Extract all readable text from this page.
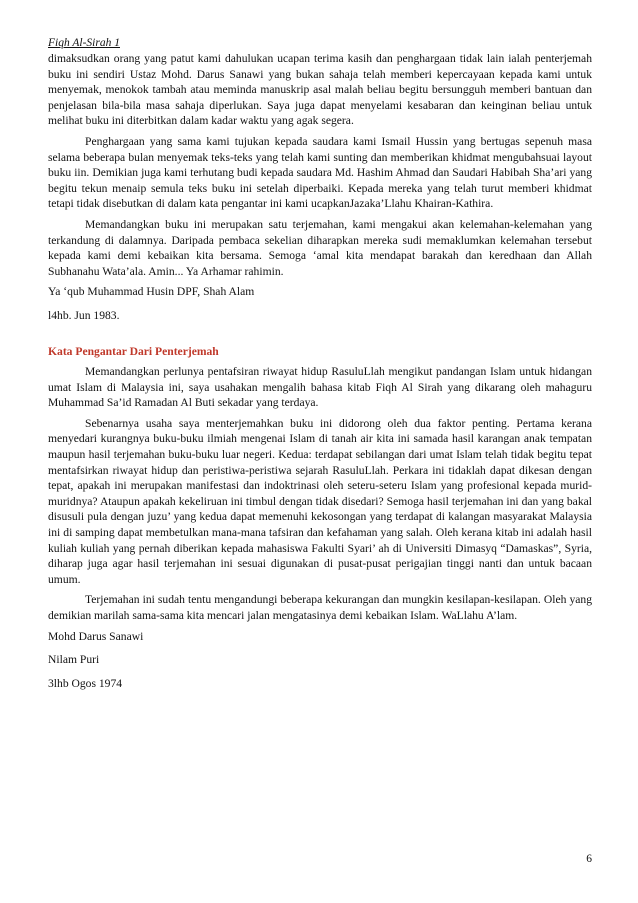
Fiqh Al-Sirah 1

dimaksudkan orang yang patut kami dahulukan ucapan terima kasih dan penghargaan tidak lain ialah penterjemah buku ini sendiri Ustaz Mohd. Darus Sanawi yang bukan sahaja telah memberi kepercayaan kepada kami untuk menyemak, menokok tambah atau meminda manuskrip asal malah beliau begitu bersungguh memberi bantuan dan penjelasan bila-bila masa sahaja diperlukan. Saya juga dapat menyelami kesabaran dan keinginan beliau untuk melihat buku ini diterbitkan dalam kadar waktu yang agak segera.

Penghargaan yang sama kami tujukan kepada saudara kami Ismail Hussin yang bertugas sepenuh masa selama beberapa bulan menyemak teks-teks yang telah kami sunting dan memberikan khidmat mengubahsuai layout buku iin. Demikian juga kami terhutang budi kepada saudara Md. Hashim Ahmad dan Saudari Habibah Sha’ari yang begitu tekun menaip semula teks buku ini setelah diperbaiki. Kepada mereka yang telah turut memberi khidmat tetapi tidak disebutkan di dalam kata pengantar ini kami ucapkanJazaka’Llahu Khairan-Kathira.

Memandangkan buku ini merupakan satu terjemahan, kami mengakui akan kelemahan-kelemahan yang terkandung di dalamnya. Daripada pembaca sekelian diharapkan mereka sudi memaklumkan kelemahan tersebut kepada kami demi kebaikan kita bersama. Semoga ‘amal kita mendapat barakah dan keredhaan dan Allah Subhanahu Wata’ala. Amin... Ya Arhamar rahimin.

Ya ‘qub Muhammad Husin DPF, Shah Alam

l4hb. Jun 1983.

Kata Pengantar Dari Penterjemah

Memandangkan perlunya pentafsiran riwayat hidup RasuluLlah mengikut pandangan Islam untuk hidangan umat Islam di Malaysia ini, saya usahakan mengalih bahasa kitab Fiqh Al Sirah yang dikarang oleh mahaguru Muhammad Sa’id Ramadan Al Buti sekadar yang terdaya.

Sebenarnya usaha saya menterjemahkan buku ini didorong oleh dua faktor penting. Pertama kerana menyedari kurangnya buku-buku ilmiah mengenai Islam di tanah air kita ini samada hasil karangan anak tempatan maupun hasil terjemahan buku-buku luar negeri. Kedua: terdapat sebilangan dari umat Islam telah tidak begitu tepat mentafsirkan riwayat hidup dan peristiwa-peristiwa sejarah RasuluLlah. Perkara ini tidaklah dapat dikesan dengan tepat, apakah ini merupakan manifestasi dan indoktrinasi oleh seteru-seteru Islam yang profesional kepada murid-muridnya? Ataupun apakah kekeliruan ini timbul dengan tidak disedari? Semoga hasil terjemahan ini dan yang bakal disusuli pula dengan juzu’ yang kedua dapat memenuhi kekosongan yang terdapat di kalangan masyarakat Malaysia ini di samping dapat membetulkan mana-mana tafsiran dan kefahaman yang salah. Oleh kerana kitab ini adalah hasil kuliah kuliah yang pernah diberikan kepada mahasiswa Fakulti Syari’ ah di Universiti Dimasyq “Damaskas”, Syria, diharap juga agar hasil terjemahan ini sesuai digunakan di pusat-pusat perigajian tinggi nanti dan untuk bacaan umum.

Terjemahan ini sudah tentu mengandungi beberapa kekurangan dan mungkin kesilapan-kesilapan. Oleh yang demikian marilah sama-sama kita mencari jalan mengatasinya demi kebaikan Islam. WaLlahu A’lam.

Mohd Darus Sanawi

Nilam Puri

3lhb Ogos 1974

6
